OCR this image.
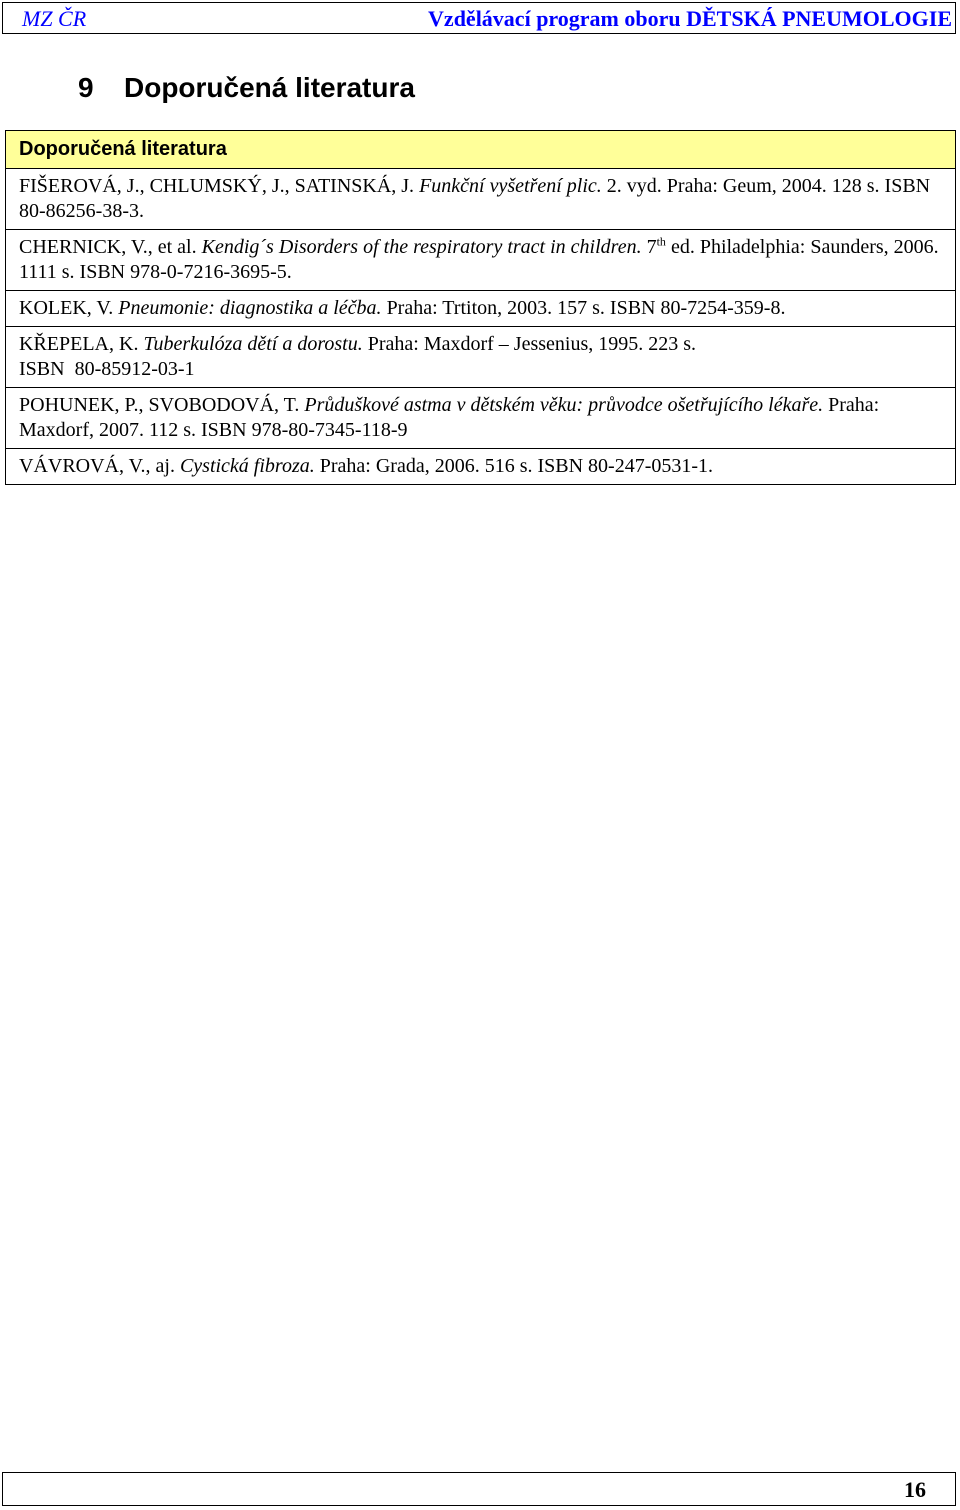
MZ ČR	Vzdělávací program oboru DĚTSKÁ PNEUMOLOGIE
9 Doporučená literatura
Doporučená literatura
FIŠEROVÁ, J., CHLUMSKÝ, J., SATINSKÁ, J. Funkční vyšetření plic. 2. vyd. Praha: Geum, 2004. 128 s. ISBN 80-86256-38-3.
CHERNICK, V., et al. Kendig´s Disorders of the respiratory tract in children. 7th ed. Philadelphia: Saunders, 2006. 1111 s. ISBN 978-0-7216-3695-5.
KOLEK, V. Pneumonie: diagnostika a léčba. Praha: Trtiton, 2003. 157 s. ISBN 80-7254-359-8.
KŘEPELA, K. Tuberkulóza dětí a dorostu. Praha: Maxdorf – Jessenius, 1995. 223 s.
ISBN  80-85912-03-1
POHUNEK, P., SVOBODOVÁ, T. Průduškové astma v dětském věku: průvodce ošetřujícího lékaře. Praha: Maxdorf, 2007. 112 s. ISBN 978-80-7345-118-9
VÁVROVÁ, V., aj. Cystická fibroza. Praha: Grada, 2006. 516 s. ISBN 80-247-0531-1.
16
